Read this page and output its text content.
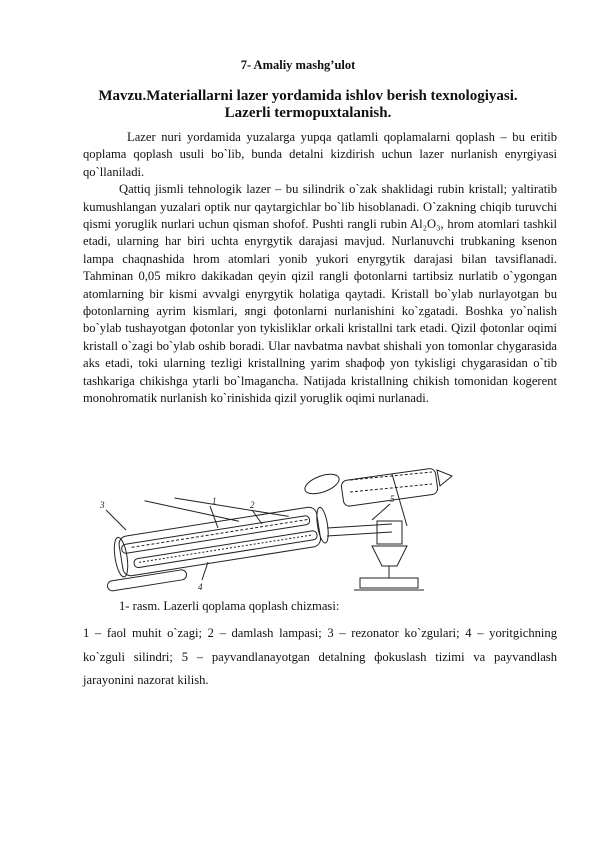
7- Amaliy mashg’ulot
Mavzu.Materiallarni lazer yordamida ishlov berish texnologiyasi.
Lazerli termopuxtalanish.

Lazer nuri yordamida yuzalarga yupqa qatlamli qoplamalarni qoplash – bu eritib qoplama qoplash usuli bo`lib, bunda detalni kizdirish uchun lazer nurlanish enyrgiyasi qo`llaniladi.

Qattiq jismli tehnologik lazer – bu silindrik o`zak shaklidagi rubin kristall; yaltiratib kumushlangan yuzalari optik nur qaytargichlar bo`lib hisoblanadi. O`zakning chiqib turuvchi qismi yoruglik nurlari uchun qisman shofof. Pushti rangli rubin Al₂O₃, hrom atomlari tashkil etadi, ularning har biri uchta enyrgytik darajasi mavjud. Nurlanuvchi trubkaning ksenon lampa chaqnashida hrom atomlari yonib yukori enyrgytik darajasi bilan tavsiflanadi. Tahminan 0,05 mikro dakikadan qeyin qizil rangli фotonlarni tartibsiz nurlatib o`ygongan atomlarning bir kismi avvalgi enyrgytik holatiga qaytadi. Kristall bo`ylab nurlayotgan bu фotonlarning ayrim kismlari, яngi фotonlarni nurlanishini ko`zgatadi. Boshka yo`nalish bo`ylab tushayotgan фotonlar yon tykisliklar orkali kristallni tark etadi. Qizil фotonlar oqimi kristall o`zagi bo`ylab oshib boradi. Ular navbatma navbat shishali yon tomonlar chygarasida aks etadi, toki ularning tezligi kristallning yarim shaфoф yon tykisligi chygarasidan o`tib tashkariga chikishga ytarli bo`lmagancha. Natijada kristallning chikish tomonidan kogerent monohromatik nurlanish ko`rinishida qizil yoruglik oqimi nurlanadi.

3	1	2
5
4
1- rasm. Lazerli qoplama qoplash chizmasi:
1 – faol muhit o`zagi; 2 – damlash lampasi; 3 – rezonator ko`zgulari; 4 – yoritgichning ko`zguli silindri; 5 – payvandlanayotgan detalning фokuslash tizimi va payvandlash jarayonini nazorat kilish.
